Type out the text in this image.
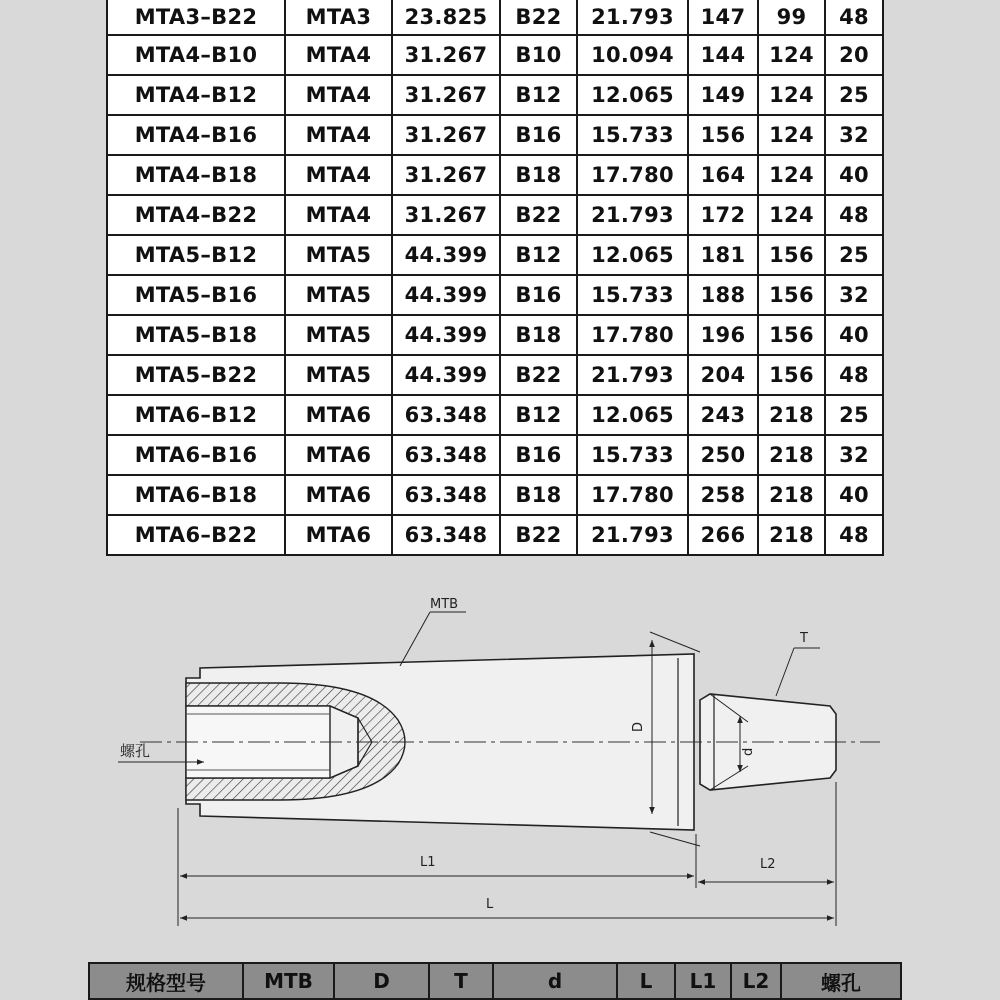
MTA3–B22	MTA3	23.825	B22	21.793	147	99	48
MTA4–B10	MTA4	31.267	B10	10.094	144	124	20
MTA4–B12	MTA4	31.267	B12	12.065	149	124	25
MTA4–B16	MTA4	31.267	B16	15.733	156	124	32
MTA4–B18	MTA4	31.267	B18	17.780	164	124	40
MTA4–B22	MTA4	31.267	B22	21.793	172	124	48
MTA5–B12	MTA5	44.399	B12	12.065	181	156	25
MTA5–B16	MTA5	44.399	B16	15.733	188	156	32
MTA5–B18	MTA5	44.399	B18	17.780	196	156	40
MTA5–B22	MTA5	44.399	B22	21.793	204	156	48
MTA6–B12	MTA6	63.348	B12	12.065	243	218	25
MTA6–B16	MTA6	63.348	B16	15.733	250	218	32
MTA6–B18	MTA6	63.348	B18	17.780	258	218	40
MTA6–B22	MTA6	63.348	B22	21.793	266	218	48
D
d
MTB
T
螺孔
L1	L2
L
规格型号	MTB	D	T	d	L	L1	L2	螺孔
